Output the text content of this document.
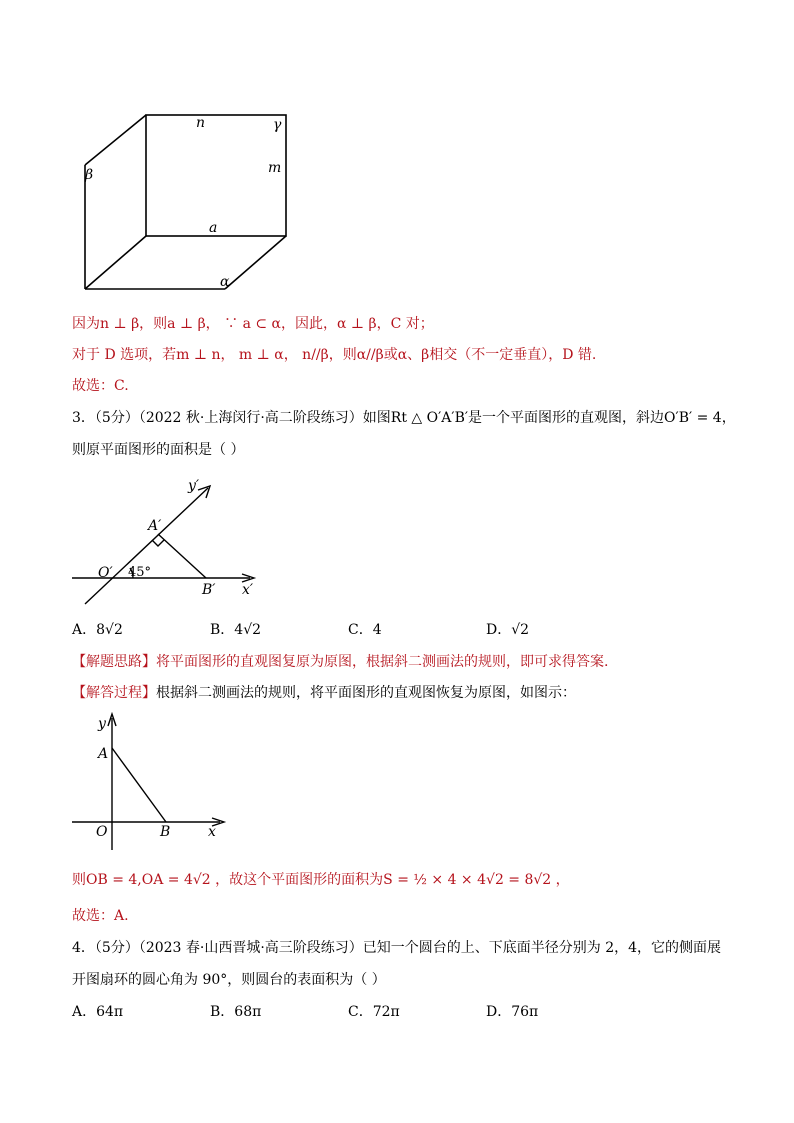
n	γ
m
β
a
α
因为n ⊥ β，则a ⊥ β， ∵ a ⊂ α，因此，α ⊥ β，C 对；
对于 D 选项，若m ⊥ n， m ⊥ α， n//β，则α//β或α、β相交（不一定垂直），D 错.
故选：C.
3．（5分）（2022 秋·上海闵行·高二阶段练习）如图Rt △ O′A′B′是一个平面图形的直观图，斜边O′B′ = 4，
则原平面图形的面积是（ ）
y′
A′
45°
O′
B′ x′
A．8√2	B．4√2	C．4	D．√2
【解题思路】将平面图形的直观图复原为原图，根据斜二测画法的规则，即可求得答案.
【解答过程】根据斜二测画法的规则，将平面图形的直观图恢复为原图，如图示：
y
A
O	B	x
则OB = 4,OA = 4√2 ，故这个平面图形的面积为S = ½ × 4 × 4√2 = 8√2 ，
故选：A.
4．（5分）（2023 春·山西晋城·高三阶段练习）已知一个圆台的上、下底面半径分别为 2，4，它的侧面展
开图扇环的圆心角为 90°，则圆台的表面积为（ ）
A．64π	B．68π	C．72π	D．76π
